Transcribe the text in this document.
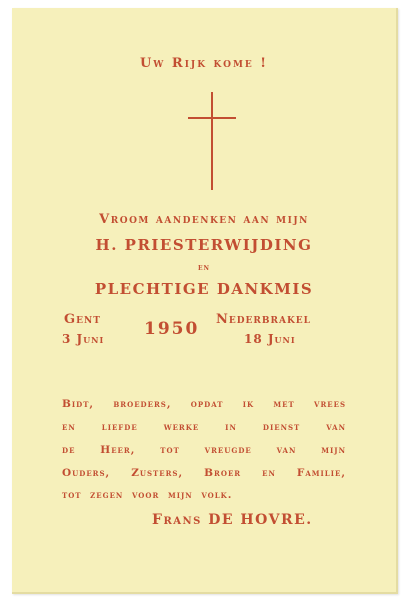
Uw Rijk kome !
Vroom aandenken aan mijn
H. PRIESTERWIJDING
en
PLECHTIGE DANKMIS
Gent
3 Juni 1950 Nederbrakel
18 Juni
Bidt, broeders, opdat ik met vrees
en liefde werke in dienst van
de Heer, tot vreugde van mijn
Ouders, Zusters, Broer en Familie,
tot zegen voor mijn volk.
Frans DE HOVRE.
